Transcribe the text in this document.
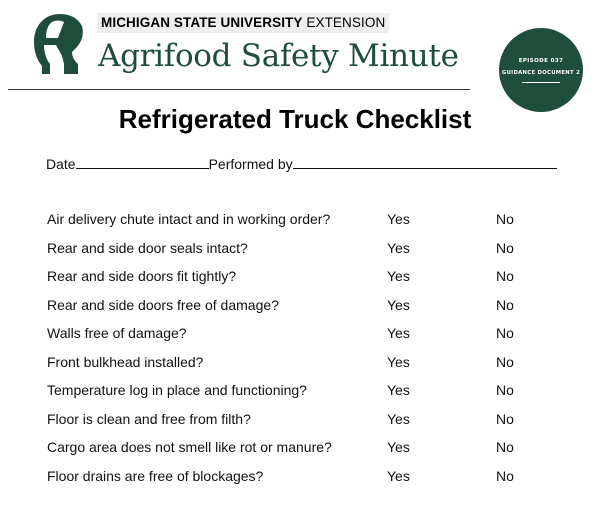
MICHIGAN STATE UNIVERSITY EXTENSION
Agrifood Safety Minute	EPISODE 037
GUIDANCE DOCUMENT 2
Refrigerated Truck Checklist
Date	Performed by
Air delivery chute intact and in working order?	Yes	No
Rear and side door seals intact?	Yes	No
Rear and side doors fit tightly?	Yes	No
Rear and side doors free of damage?	Yes	No
Walls free of damage?	Yes	No
Front bulkhead installed?	Yes	No
Temperature log in place and functioning?	Yes	No
Floor is clean and free from filth?	Yes	No
Cargo area does not smell like rot or manure?	Yes	No
Floor drains are free of blockages?	Yes	No
